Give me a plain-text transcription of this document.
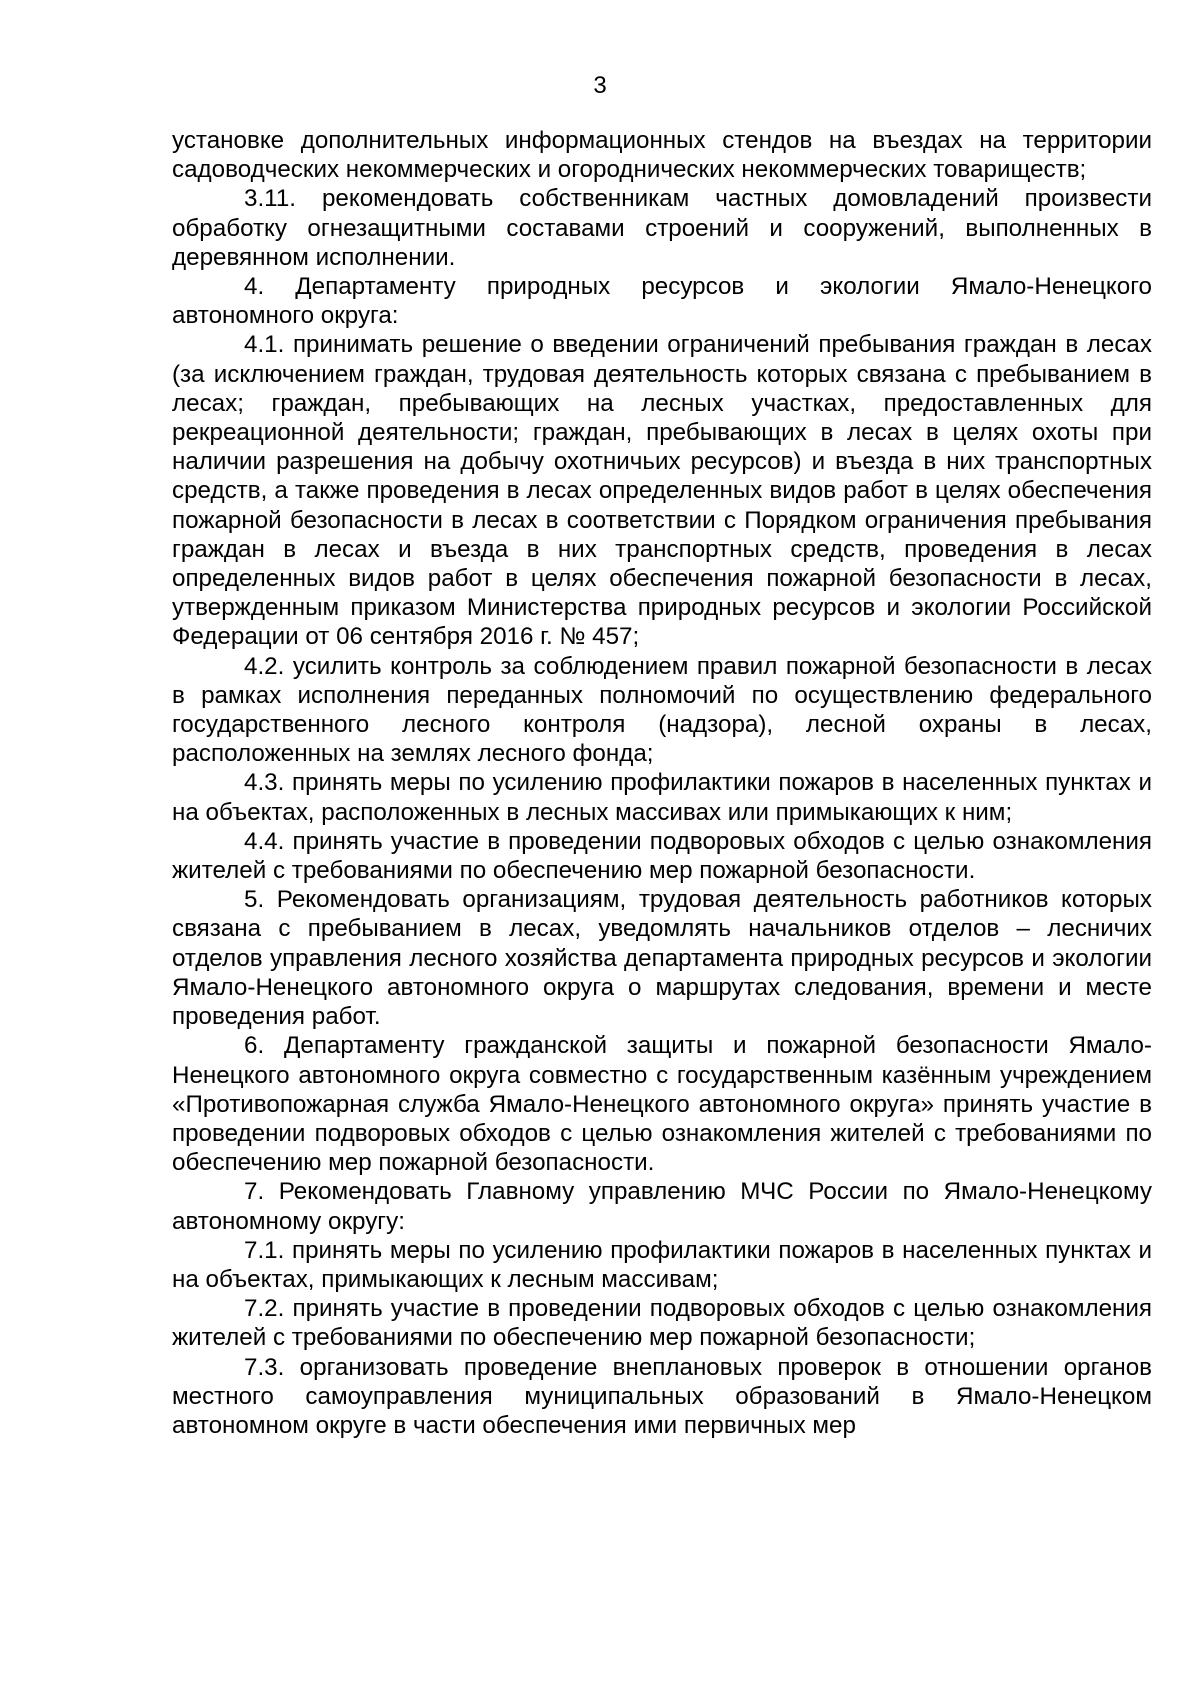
3

установке дополнительных информационных стендов на въездах на территории садоводческих некоммерческих и огороднических некоммерческих товариществ;

3.11. рекомендовать собственникам частных домовладений произвести обработку огнезащитными составами строений и сооружений, выполненных в деревянном исполнении.

4. Департаменту природных ресурсов и экологии Ямало-Ненецкого автономного округа:

4.1. принимать решение о введении ограничений пребывания граждан в лесах (за исключением граждан, трудовая деятельность которых связана с пребыванием в лесах; граждан, пребывающих на лесных участках, предоставленных для рекреационной деятельности; граждан, пребывающих в лесах в целях охоты при наличии разрешения на добычу охотничьих ресурсов) и въезда в них транспортных средств, а также проведения в лесах определенных видов работ в целях обеспечения пожарной безопасности в лесах в соответствии с Порядком ограничения пребывания граждан в лесах и въезда в них транспортных средств, проведения в лесах определенных видов работ в целях обеспечения пожарной безопасности в лесах, утвержденным приказом Министерства природных ресурсов и экологии Российской Федерации от 06 сентября 2016 г. № 457;

4.2. усилить контроль за соблюдением правил пожарной безопасности в лесах в рамках исполнения переданных полномочий по осуществлению федерального государственного лесного контроля (надзора), лесной охраны в лесах, расположенных на землях лесного фонда;

4.3. принять меры по усилению профилактики пожаров в населенных пунктах и на объектах, расположенных в лесных массивах или примыкающих к ним;

4.4. принять участие в проведении подворовых обходов с целью ознакомления жителей с требованиями по обеспечению мер пожарной безопасности.

5. Рекомендовать организациям, трудовая деятельность работников которых связана с пребыванием в лесах, уведомлять начальников отделов – лесничих отделов управления лесного хозяйства департамента природных ресурсов и экологии Ямало-Ненецкого автономного округа о маршрутах следования, времени и месте проведения работ.

6. Департаменту гражданской защиты и пожарной безопасности Ямало-Ненецкого автономного округа совместно с государственным казённым учреждением «Противопожарная служба Ямало-Ненецкого автономного округа» принять участие в проведении подворовых обходов с целью ознакомления жителей с требованиями по обеспечению мер пожарной безопасности.

7. Рекомендовать Главному управлению МЧС России по Ямало-Ненецкому автономному округу:

7.1. принять меры по усилению профилактики пожаров в населенных пунктах и на объектах, примыкающих к лесным массивам;

7.2. принять участие в проведении подворовых обходов с целью ознакомления жителей с требованиями по обеспечению мер пожарной безопасности;

7.3. организовать проведение внеплановых проверок в отношении органов местного самоуправления муниципальных образований в Ямало-Ненецком автономном округе в части обеспечения ими первичных мер
